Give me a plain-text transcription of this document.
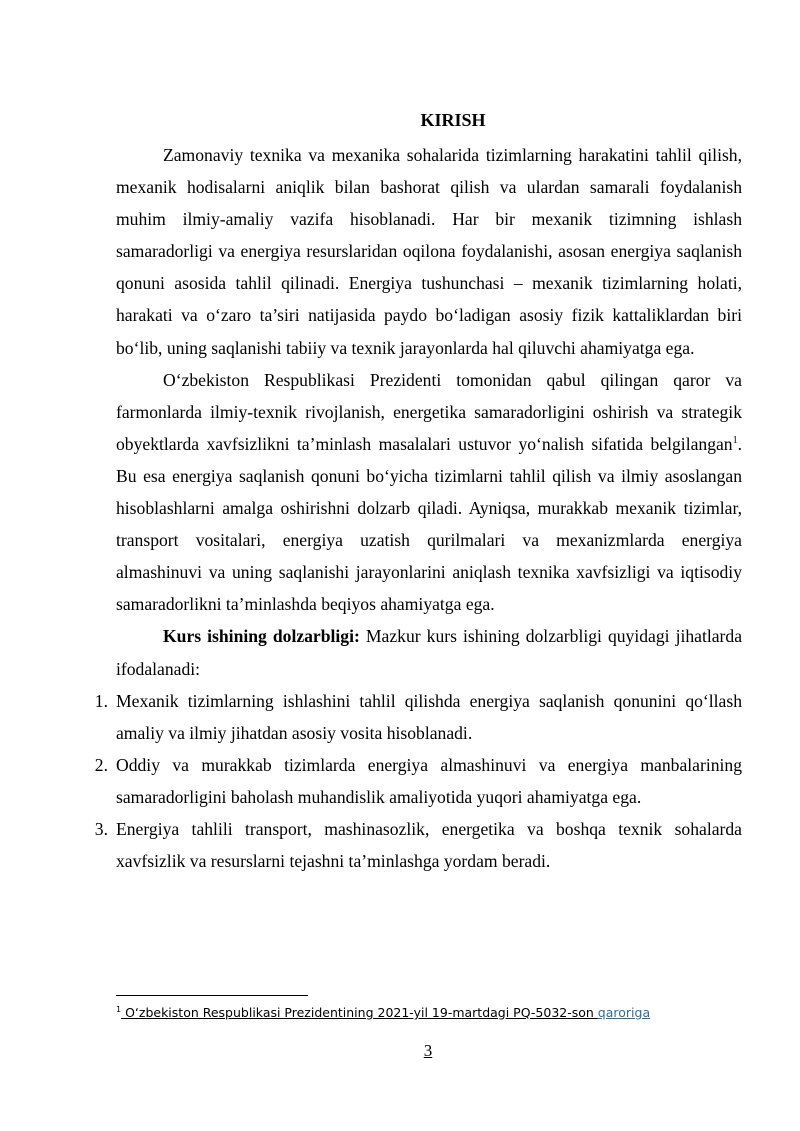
KIRISH

Zamonaviy texnika va mexanika sohalarida tizimlarning harakatini tahlil qilish, mexanik hodisalarni aniqlik bilan bashorat qilish va ulardan samarali foydalanish muhim ilmiy-amaliy vazifa hisoblanadi. Har bir mexanik tizimning ishlash samaradorligi va energiya resurslaridan oqilona foydalanishi, asosan energiya saqlanish qonuni asosida tahlil qilinadi. Energiya tushunchasi – mexanik tizimlarning holati, harakati va o‘zaro ta’siri natijasida paydo bo‘ladigan asosiy fizik kattaliklardan biri bo‘lib, uning saqlanishi tabiiy va texnik jarayonlarda hal qiluvchi ahamiyatga ega.

O‘zbekiston Respublikasi Prezidenti tomonidan qabul qilingan qaror va farmonlarda ilmiy-texnik rivojlanish, energetika samaradorligini oshirish va strategik obyektlarda xavfsizlikni ta’minlash masalalari ustuvor yo‘nalish sifatida belgilangan$^1$. Bu esa energiya saqlanish qonuni bo‘yicha tizimlarni tahlil qilish va ilmiy asoslangan hisoblashlarni amalga oshirishni dolzarb qiladi. Ayniqsa, murakkab mexanik tizimlar, transport vositalari, energiya uzatish qurilmalari va mexanizmlarda energiya almashinuvi va uning saqlanishi jarayonlarini aniqlash texnika xavfsizligi va iqtisodiy samaradorlikni ta’minlashda beqiyos ahamiyatga ega.

Kurs ishining dolzarbligi: Mazkur kurs ishining dolzarbligi quyidagi jihatlarda ifodalanadi:

1. Mexanik tizimlarning ishlashini tahlil qilishda energiya saqlanish qonunini qo‘llash amaliy va ilmiy jihatdan asosiy vosita hisoblanadi.
2. Oddiy va murakkab tizimlarda energiya almashinuvi va energiya manbalarining samaradorligini baholash muhandislik amaliyotida yuqori ahamiyatga ega.
3. Energiya tahlili transport, mashinasozlik, energetika va boshqa texnik sohalarda xavfsizlik va resurslarni tejashni ta’minlashga yordam beradi.
$^1$ O‘zbekiston Respublikasi Prezidentining 2021-yil 19-martdagi PQ-5032-son qaroriga
3
